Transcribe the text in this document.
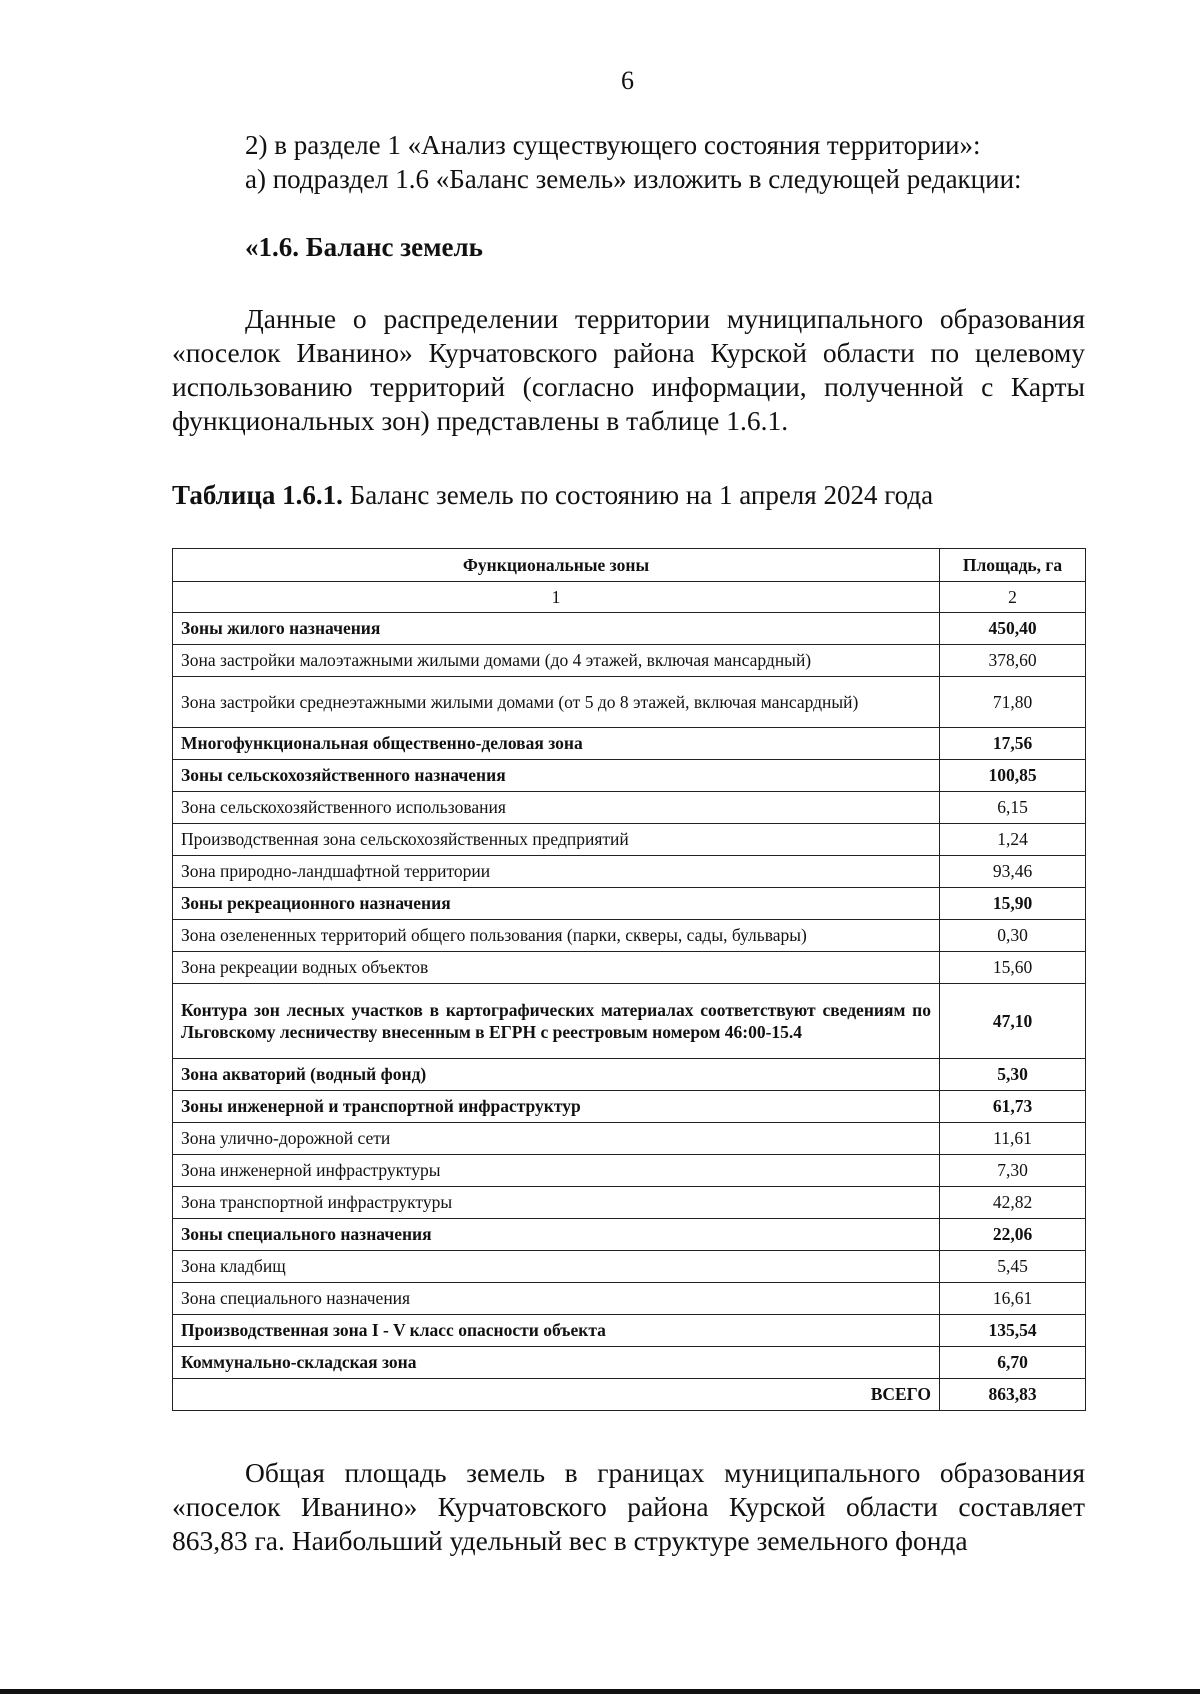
6
2) в разделе 1 «Анализ существующего состояния территории»:
а) подраздел 1.6 «Баланс земель» изложить в следующей редакции:
«1.6. Баланс земель
Данные о распределении территории муниципального образования «поселок Иванино» Курчатовского района Курской области по целевому использованию территорий (согласно информации, полученной с Карты функциональных зон) представлены в таблице 1.6.1.
Таблица 1.6.1. Баланс земель по состоянию на 1 апреля 2024 года
Функциональные зоны	Площадь, га
1	2
Зоны жилого назначения	450,40
Зона застройки малоэтажными жилыми домами (до 4 этажей, включая мансардный)	378,60
Зона застройки среднеэтажными жилыми домами (от 5 до 8 этажей, включая мансардный)	71,80
Многофункциональная общественно-деловая зона	17,56
Зоны сельскохозяйственного назначения	100,85
Зона сельскохозяйственного использования	6,15
Производственная зона сельскохозяйственных предприятий	1,24
Зона природно-ландшафтной территории	93,46
Зоны рекреационного назначения	15,90
Зона озелененных территорий общего пользования (парки, скверы, сады, бульвары)	0,30
Зона рекреации водных объектов	15,60
Контура зон лесных участков в картографических материалах соответствуют сведениям по Льговскому лесничеству внесенным в ЕГРН с реестровым номером 46:00-15.4	47,10
Зона акваторий (водный фонд)	5,30
Зоны инженерной и транспортной инфраструктур	61,73
Зона улично-дорожной сети	11,61
Зона инженерной инфраструктуры	7,30
Зона транспортной инфраструктуры	42,82
Зоны специального назначения	22,06
Зона кладбищ	5,45
Зона специального назначения	16,61
Производственная зона I - V класс опасности объекта	135,54
Коммунально-складская зона	6,70
ВСЕГО	863,83
Общая площадь земель в границах муниципального образования «поселок Иванино» Курчатовского района Курской области составляет 863,83 га. Наибольший удельный вес в структуре земельного фонда
